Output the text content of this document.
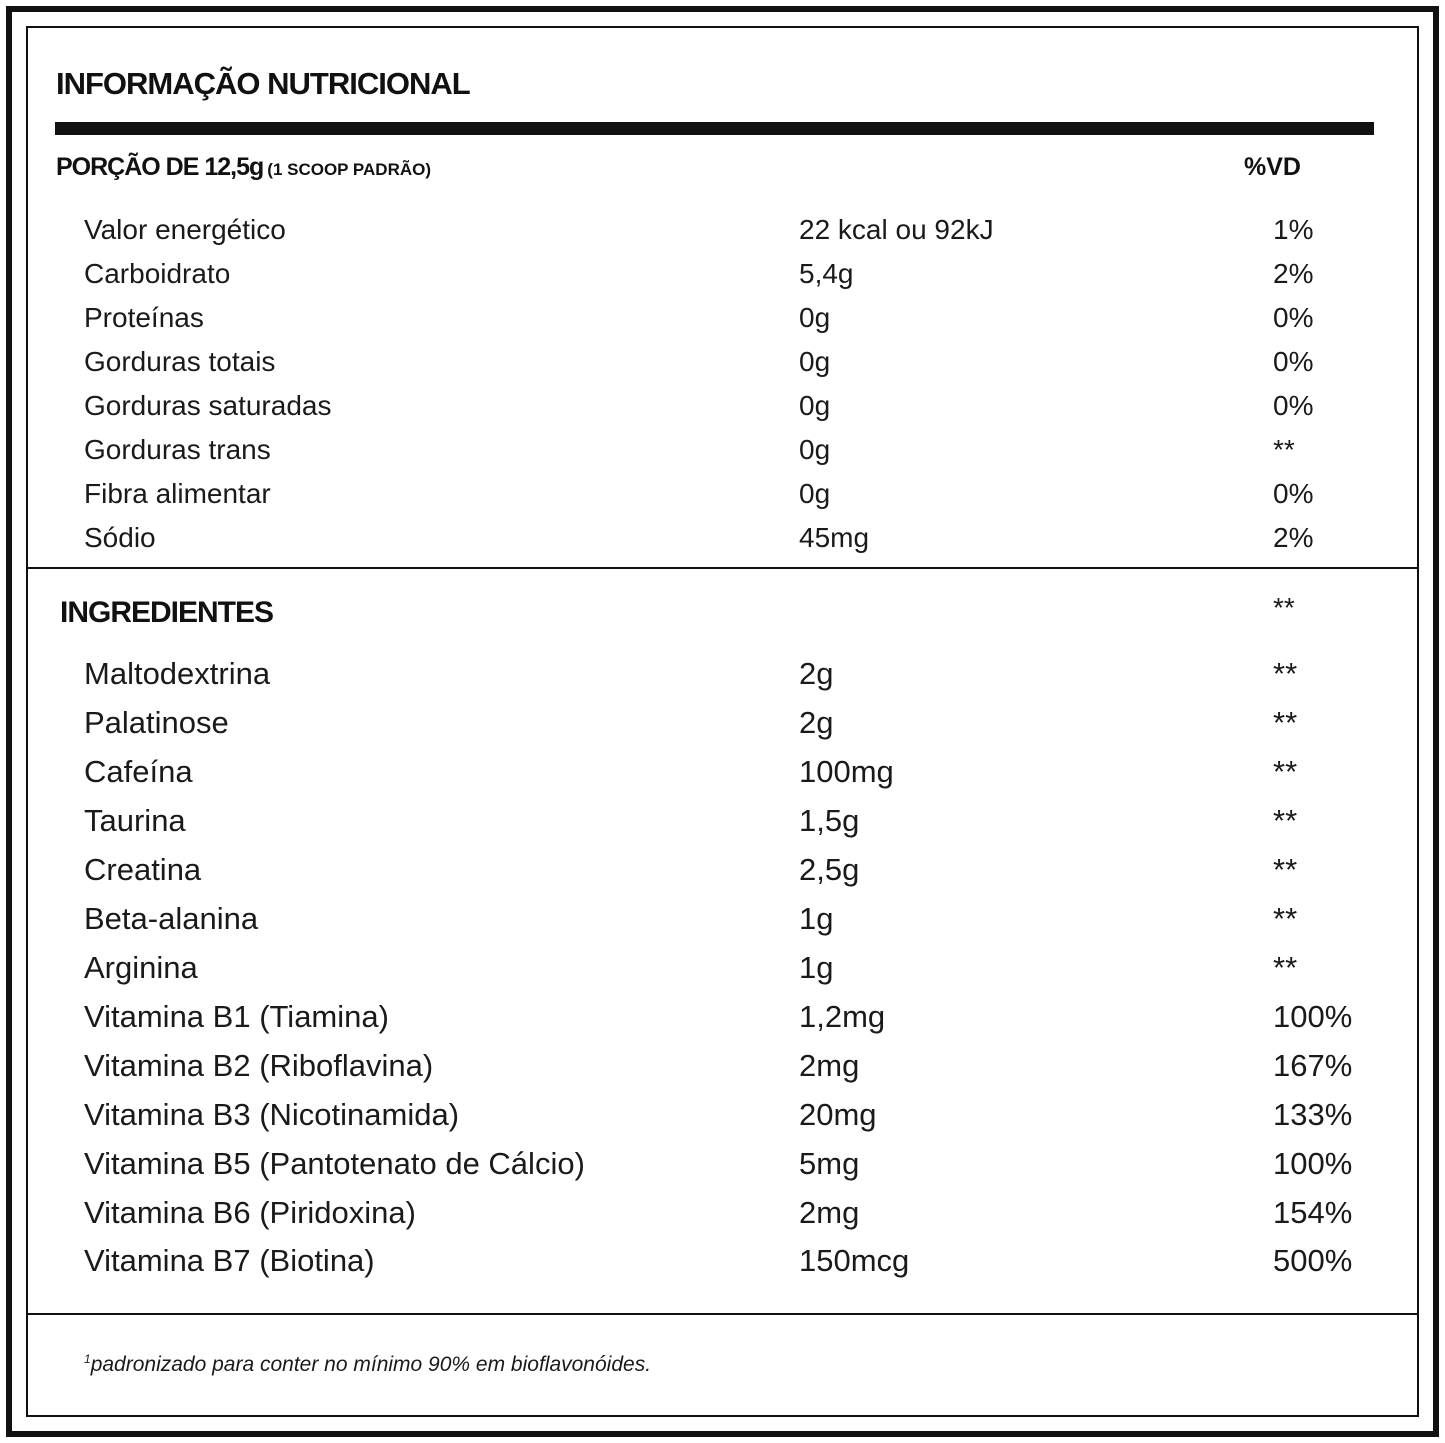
INFORMAÇÃO NUTRICIONAL
PORÇÃO DE 12,5g (1 SCOOP PADRÃO)	%VD
Valor energético	22 kcal ou 92kJ	1%
Carboidrato	5,4g	2%
Proteínas	0g	0%
Gorduras totais	0g	0%
Gorduras saturadas	0g	0%
Gorduras trans	0g	**
Fibra alimentar	0g	0%
Sódio	45mg	2%
INGREDIENTES	**
Maltodextrina	2g	**
Palatinose	2g	**
Cafeína	100mg	**
Taurina	1,5g	**
Creatina	2,5g	**
Beta-alanina	1g	**
Arginina	1g	**
Vitamina B1 (Tiamina)	1,2mg	100%
Vitamina B2 (Riboflavina)	2mg	167%
Vitamina B3 (Nicotinamida)	20mg	133%
Vitamina B5 (Pantotenato de Cálcio)	5mg	100%
Vitamina B6 (Piridoxina)	2mg	154%
Vitamina B7 (Biotina)	150mcg	500%
$^1$padronizado para conter no mínimo 90% em bioflavonóides.
